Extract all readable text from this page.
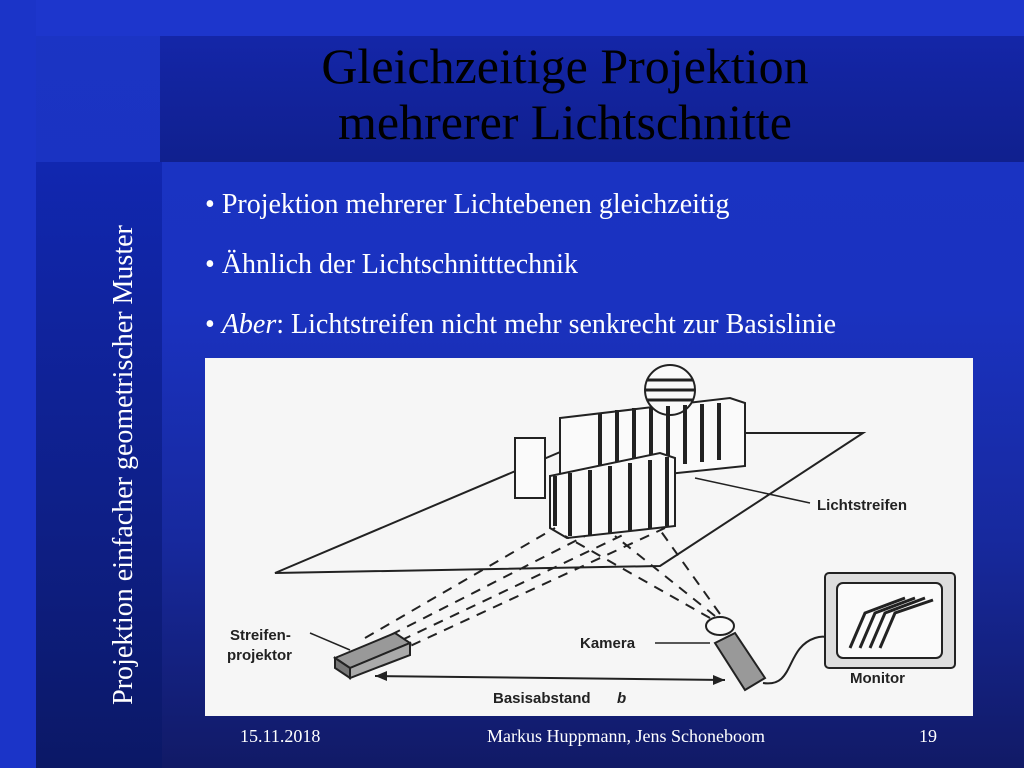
Gleichzeitige Projektion
mehrerer Lichtschnitte
Projektion einfacher geometrischer Muster
• Projektion mehrerer Lichtebenen gleichzeitig
• Ähnlich der Lichtschnitttechnik
• Aber: Lichtstreifen nicht mehr senkrecht zur Basislinie
Lichtstreifen
Streifen-
projektor
Kamera
Monitor
Basisabstand b
15.11.2018	Markus Huppmann, Jens Schoneboom	19
